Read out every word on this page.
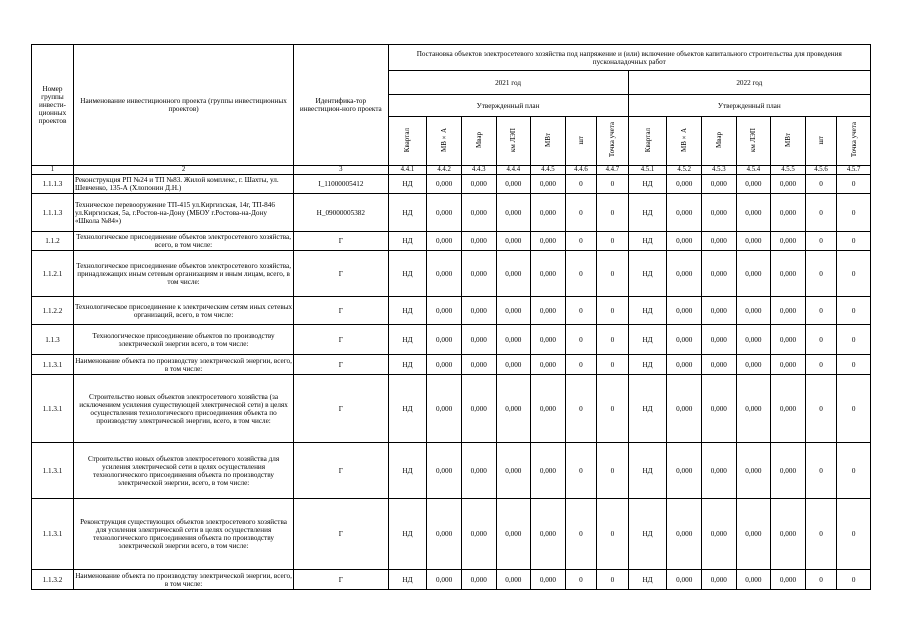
Номер группы инвести-ционных проектов	Наименование инвестиционного проекта (группы инвестиционных проектов)	Идентифика-тор инвестицион-ного проекта	Постановка объектов электросетевого хозяйства под напряжение и (или) включение объектов капитального строительства для проведения пусконаладочных работ													
			2021 год							2022 год						
			Утвержденный план							Утвержденный план						
			Квартал	МВ×А	Мвар	км ЛЭП	МВт	шт	Точка учета	Квартал	МВ×А	Мвар	км ЛЭП	МВт	шт	Точка учета
1	2	3	4.4.1	4.4.2	4.4.3	4.4.4	4.4.5	4.4.6	4.4.7	4.5.1	4.5.2	4.5.3	4.5.4	4.5.5	4.5.6	4.5.7
1.1.1.3	Реконструкция РП №24 и ТП №83. Жилой комплекс, г. Шахты, ул. Шевченко, 135-А (Хлопонин Д.Н.)	I_11000005412	НД	0,000	0,000	0,000	0,000	0	0	НД	0,000	0,000	0,000	0,000	0	0
1.1.1.3	Техническое перевооружение ТП-415 ул.Киргизская, 14г, ТП-846 ул.Киргизская, 5а, г.Ростов-на-Дону (МБОУ г.Ростова-на-Дону «Школа №84»)	H_09000005382	НД	0,000	0,000	0,000	0,000	0	0	НД	0,000	0,000	0,000	0,000	0	0
1.1.2	Технологическое присоединение объектов электросетевого хозяйства, всего, в том числе:	Г	НД	0,000	0,000	0,000	0,000	0	0	НД	0,000	0,000	0,000	0,000	0	0
1.1.2.1	Технологическое присоединение объектов электросетевого хозяйства, принадлежащих иным сетевым организациям и иным лицам, всего, в том числе:	Г	НД	0,000	0,000	0,000	0,000	0	0	НД	0,000	0,000	0,000	0,000	0	0
1.1.2.2	Технологическое присоединение к электрическим сетям иных сетевых организаций, всего, в том числе:	Г	НД	0,000	0,000	0,000	0,000	0	0	НД	0,000	0,000	0,000	0,000	0	0
1.1.3	Технологическое присоединение объектов по производству электрической энергии всего, в том числе:	Г	НД	0,000	0,000	0,000	0,000	0	0	НД	0,000	0,000	0,000	0,000	0	0
1.1.3.1	Наименование объекта по производству электрической энергии, всего, в том числе:	Г	НД	0,000	0,000	0,000	0,000	0	0	НД	0,000	0,000	0,000	0,000	0	0
1.1.3.1	Строительство новых объектов электросетевого хозяйства (за исключением усиления существующей электрической сети) в целях осуществления технологического присоединения объекта по производству электрической энергии, всего, в том числе:	Г	НД	0,000	0,000	0,000	0,000	0	0	НД	0,000	0,000	0,000	0,000	0	0
1.1.3.1	Строительство новых объектов электросетевого хозяйства для усиления электрической сети в целях осуществления технологического присоединения объекта по производству электрической энергии, всего, в том числе:	Г	НД	0,000	0,000	0,000	0,000	0	0	НД	0,000	0,000	0,000	0,000	0	0
1.1.3.1	Реконструкция существующих объектов электросетевого хозяйства для усиления электрической сети в целях осуществления технологического присоединения объекта по производству электрической энергии всего, в том числе:	Г	НД	0,000	0,000	0,000	0,000	0	0	НД	0,000	0,000	0,000	0,000	0	0
1.1.3.2	Наименование объекта по производству электрической энергии, всего, в том числе:	Г	НД	0,000	0,000	0,000	0,000	0	0	НД	0,000	0,000	0,000	0,000	0	0
